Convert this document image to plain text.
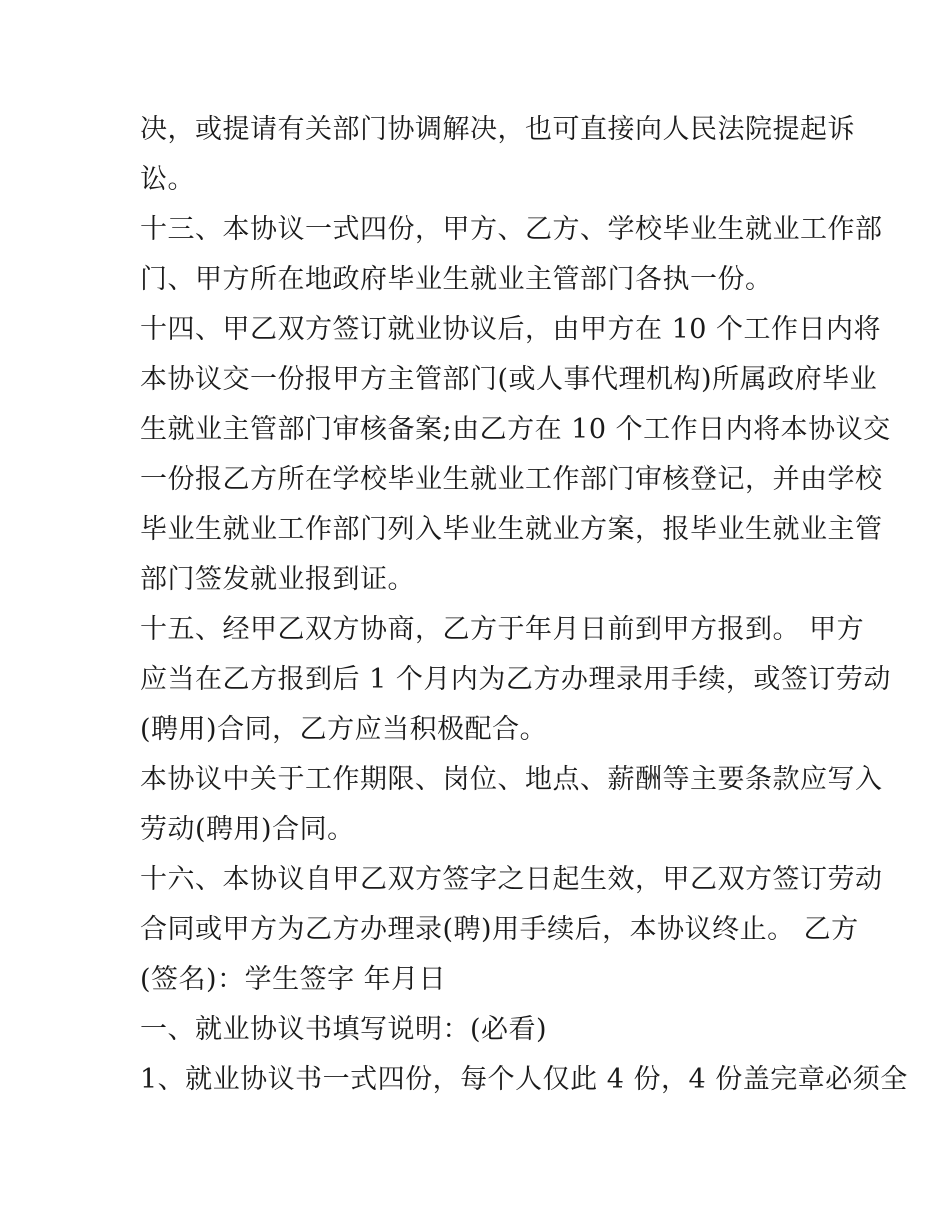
决，或提请有关部门协调解决，也可直接向人民法院提起诉
讼。
十三、本协议一式四份，甲方、乙方、学校毕业生就业工作部
门、甲方所在地政府毕业生就业主管部门各执一份。
十四、甲乙双方签订就业协议后，由甲方在 10 个工作日内将
本协议交一份报甲方主管部门(或人事代理机构)所属政府毕业
生就业主管部门审核备案;由乙方在 10 个工作日内将本协议交
一份报乙方所在学校毕业生就业工作部门审核登记，并由学校
毕业生就业工作部门列入毕业生就业方案，报毕业生就业主管
部门签发就业报到证。
十五、经甲乙双方协商，乙方于年月日前到甲方报到。 甲方
应当在乙方报到后 1 个月内为乙方办理录用手续，或签订劳动
(聘用)合同，乙方应当积极配合。
本协议中关于工作期限、岗位、地点、薪酬等主要条款应写入
劳动(聘用)合同。
十六、本协议自甲乙双方签字之日起生效，甲乙双方签订劳动
合同或甲方为乙方办理录(聘)用手续后，本协议终止。 乙方
(签名)：学生签字 年月日
一、就业协议书填写说明：(必看)
1、就业协议书一式四份，每个人仅此 4 份，4 份盖完章必须全
